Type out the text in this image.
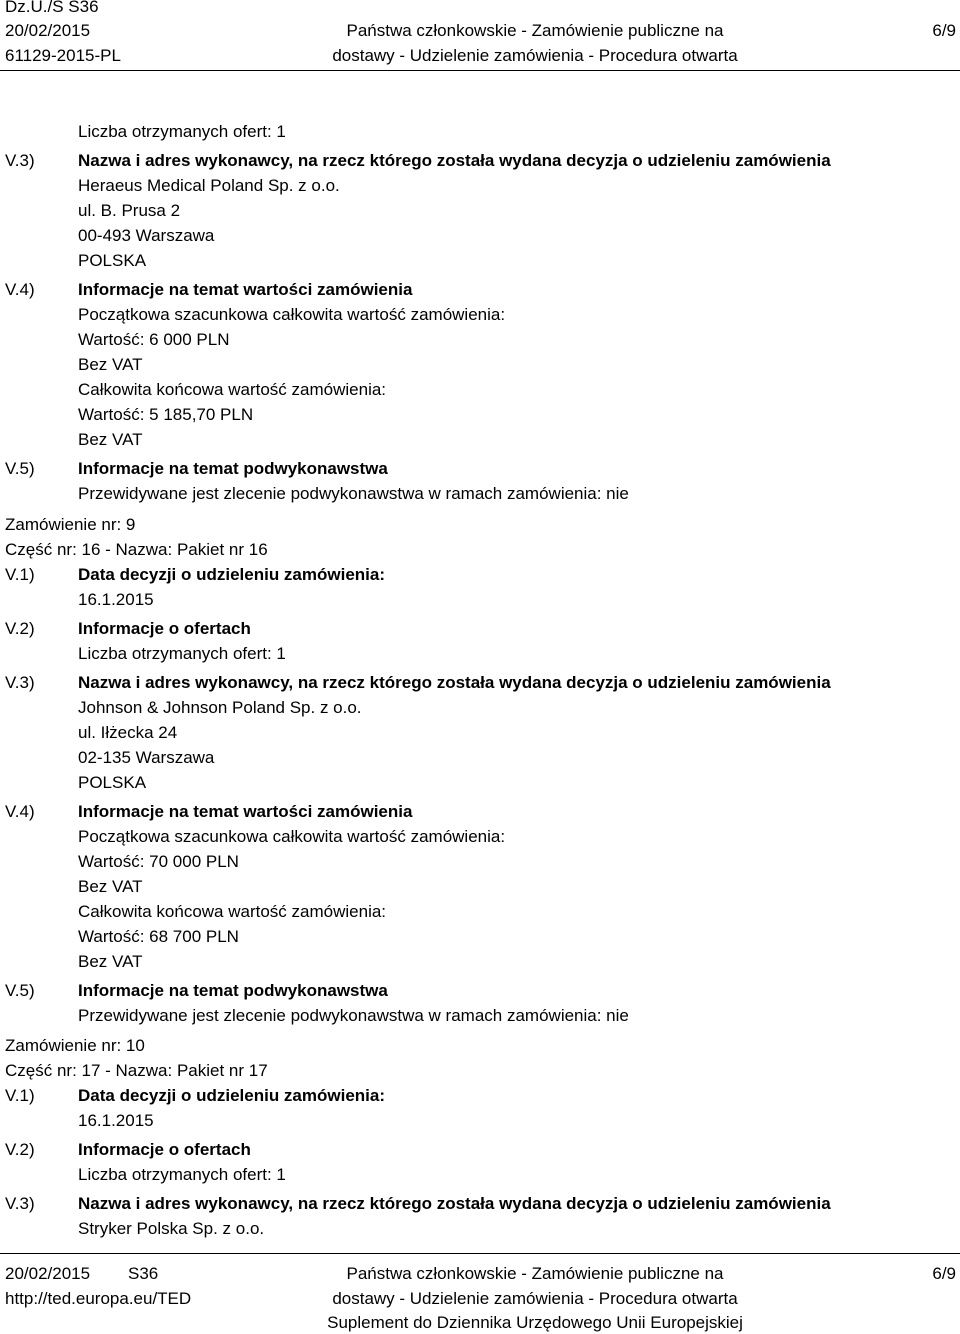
Dz.U./S S36
20/02/2015
61129-2015-PL
Państwa członkowskie - Zamówienie publiczne na
dostawy - Udzielenie zamówienia - Procedura otwarta
6/9
Liczba otrzymanych ofert: 1
V.3)	Nazwa i adres wykonawcy, na rzecz którego została wydana decyzja o udzieleniu zamówienia
Heraeus Medical Poland Sp. z o.o.
ul. B. Prusa 2
00-493 Warszawa
POLSKA
V.4)	Informacje na temat wartości zamówienia
Początkowa szacunkowa całkowita wartość zamówienia:
Wartość: 6 000 PLN
Bez VAT
Całkowita końcowa wartość zamówienia:
Wartość: 5 185,70 PLN
Bez VAT
V.5)	Informacje na temat podwykonawstwa
Przewidywane jest zlecenie podwykonawstwa w ramach zamówienia: nie
Zamówienie nr: 9
Część nr: 16 - Nazwa: Pakiet nr 16
V.1)	Data decyzji o udzieleniu zamówienia:
16.1.2015
V.2)	Informacje o ofertach
Liczba otrzymanych ofert: 1
V.3)	Nazwa i adres wykonawcy, na rzecz którego została wydana decyzja o udzieleniu zamówienia
Johnson & Johnson Poland Sp. z o.o.
ul. Iłżecka 24
02-135 Warszawa
POLSKA
V.4)	Informacje na temat wartości zamówienia
Początkowa szacunkowa całkowita wartość zamówienia:
Wartość: 70 000 PLN
Bez VAT
Całkowita końcowa wartość zamówienia:
Wartość: 68 700 PLN
Bez VAT
V.5)	Informacje na temat podwykonawstwa
Przewidywane jest zlecenie podwykonawstwa w ramach zamówienia: nie
Zamówienie nr: 10
Część nr: 17 - Nazwa: Pakiet nr 17
V.1)	Data decyzji o udzieleniu zamówienia:
16.1.2015
V.2)	Informacje o ofertach
Liczba otrzymanych ofert: 1
V.3)	Nazwa i adres wykonawcy, na rzecz którego została wydana decyzja o udzieleniu zamówienia
Stryker Polska Sp. z o.o.
20/02/2015 S36
http://ted.europa.eu/TED
Państwa członkowskie - Zamówienie publiczne na
dostawy - Udzielenie zamówienia - Procedura otwarta
Suplement do Dziennika Urzędowego Unii Europejskiej
6/9
